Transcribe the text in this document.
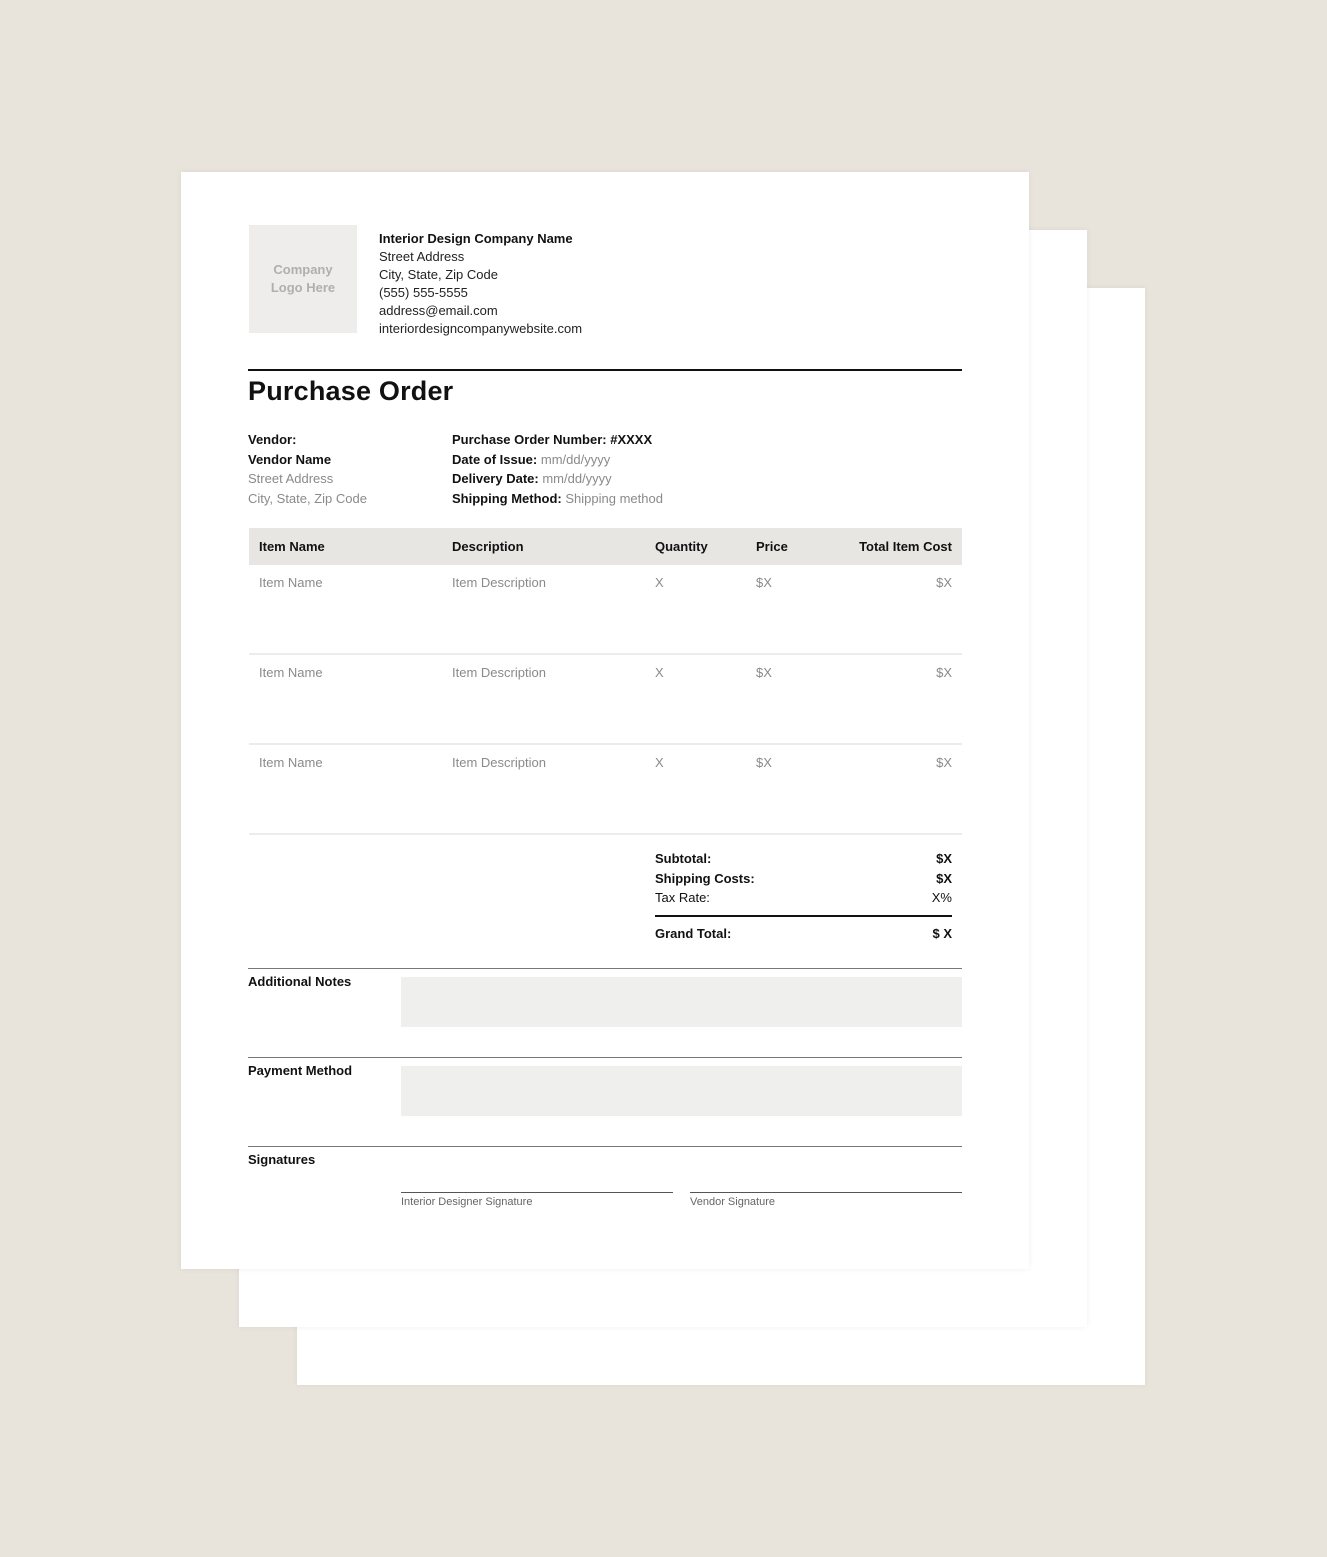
Company
Logo Here
Interior Design Company Name
Street Address
City, State, Zip Code
(555) 555-5555
address@email.com
interiordesigncompanywebsite.com
Purchase Order
Vendor:
Vendor Name
Street Address
City, State, Zip Code
Purchase Order Number: #XXXX
Date of Issue: mm/dd/yyyy
Delivery Date: mm/dd/yyyy
Shipping Method: Shipping method
Item Name	Description	Quantity	Price	Total Item Cost
Item Name	Item Description	X	$X	$X
Item Name	Item Description	X	$X	$X
Item Name	Item Description	X	$X	$X
Subtotal:	$X
Shipping Costs:	$X
Tax Rate:	X%
Grand Total:	$ X
Additional Notes
Payment Method
Signatures
Interior Designer Signature	Vendor Signature
